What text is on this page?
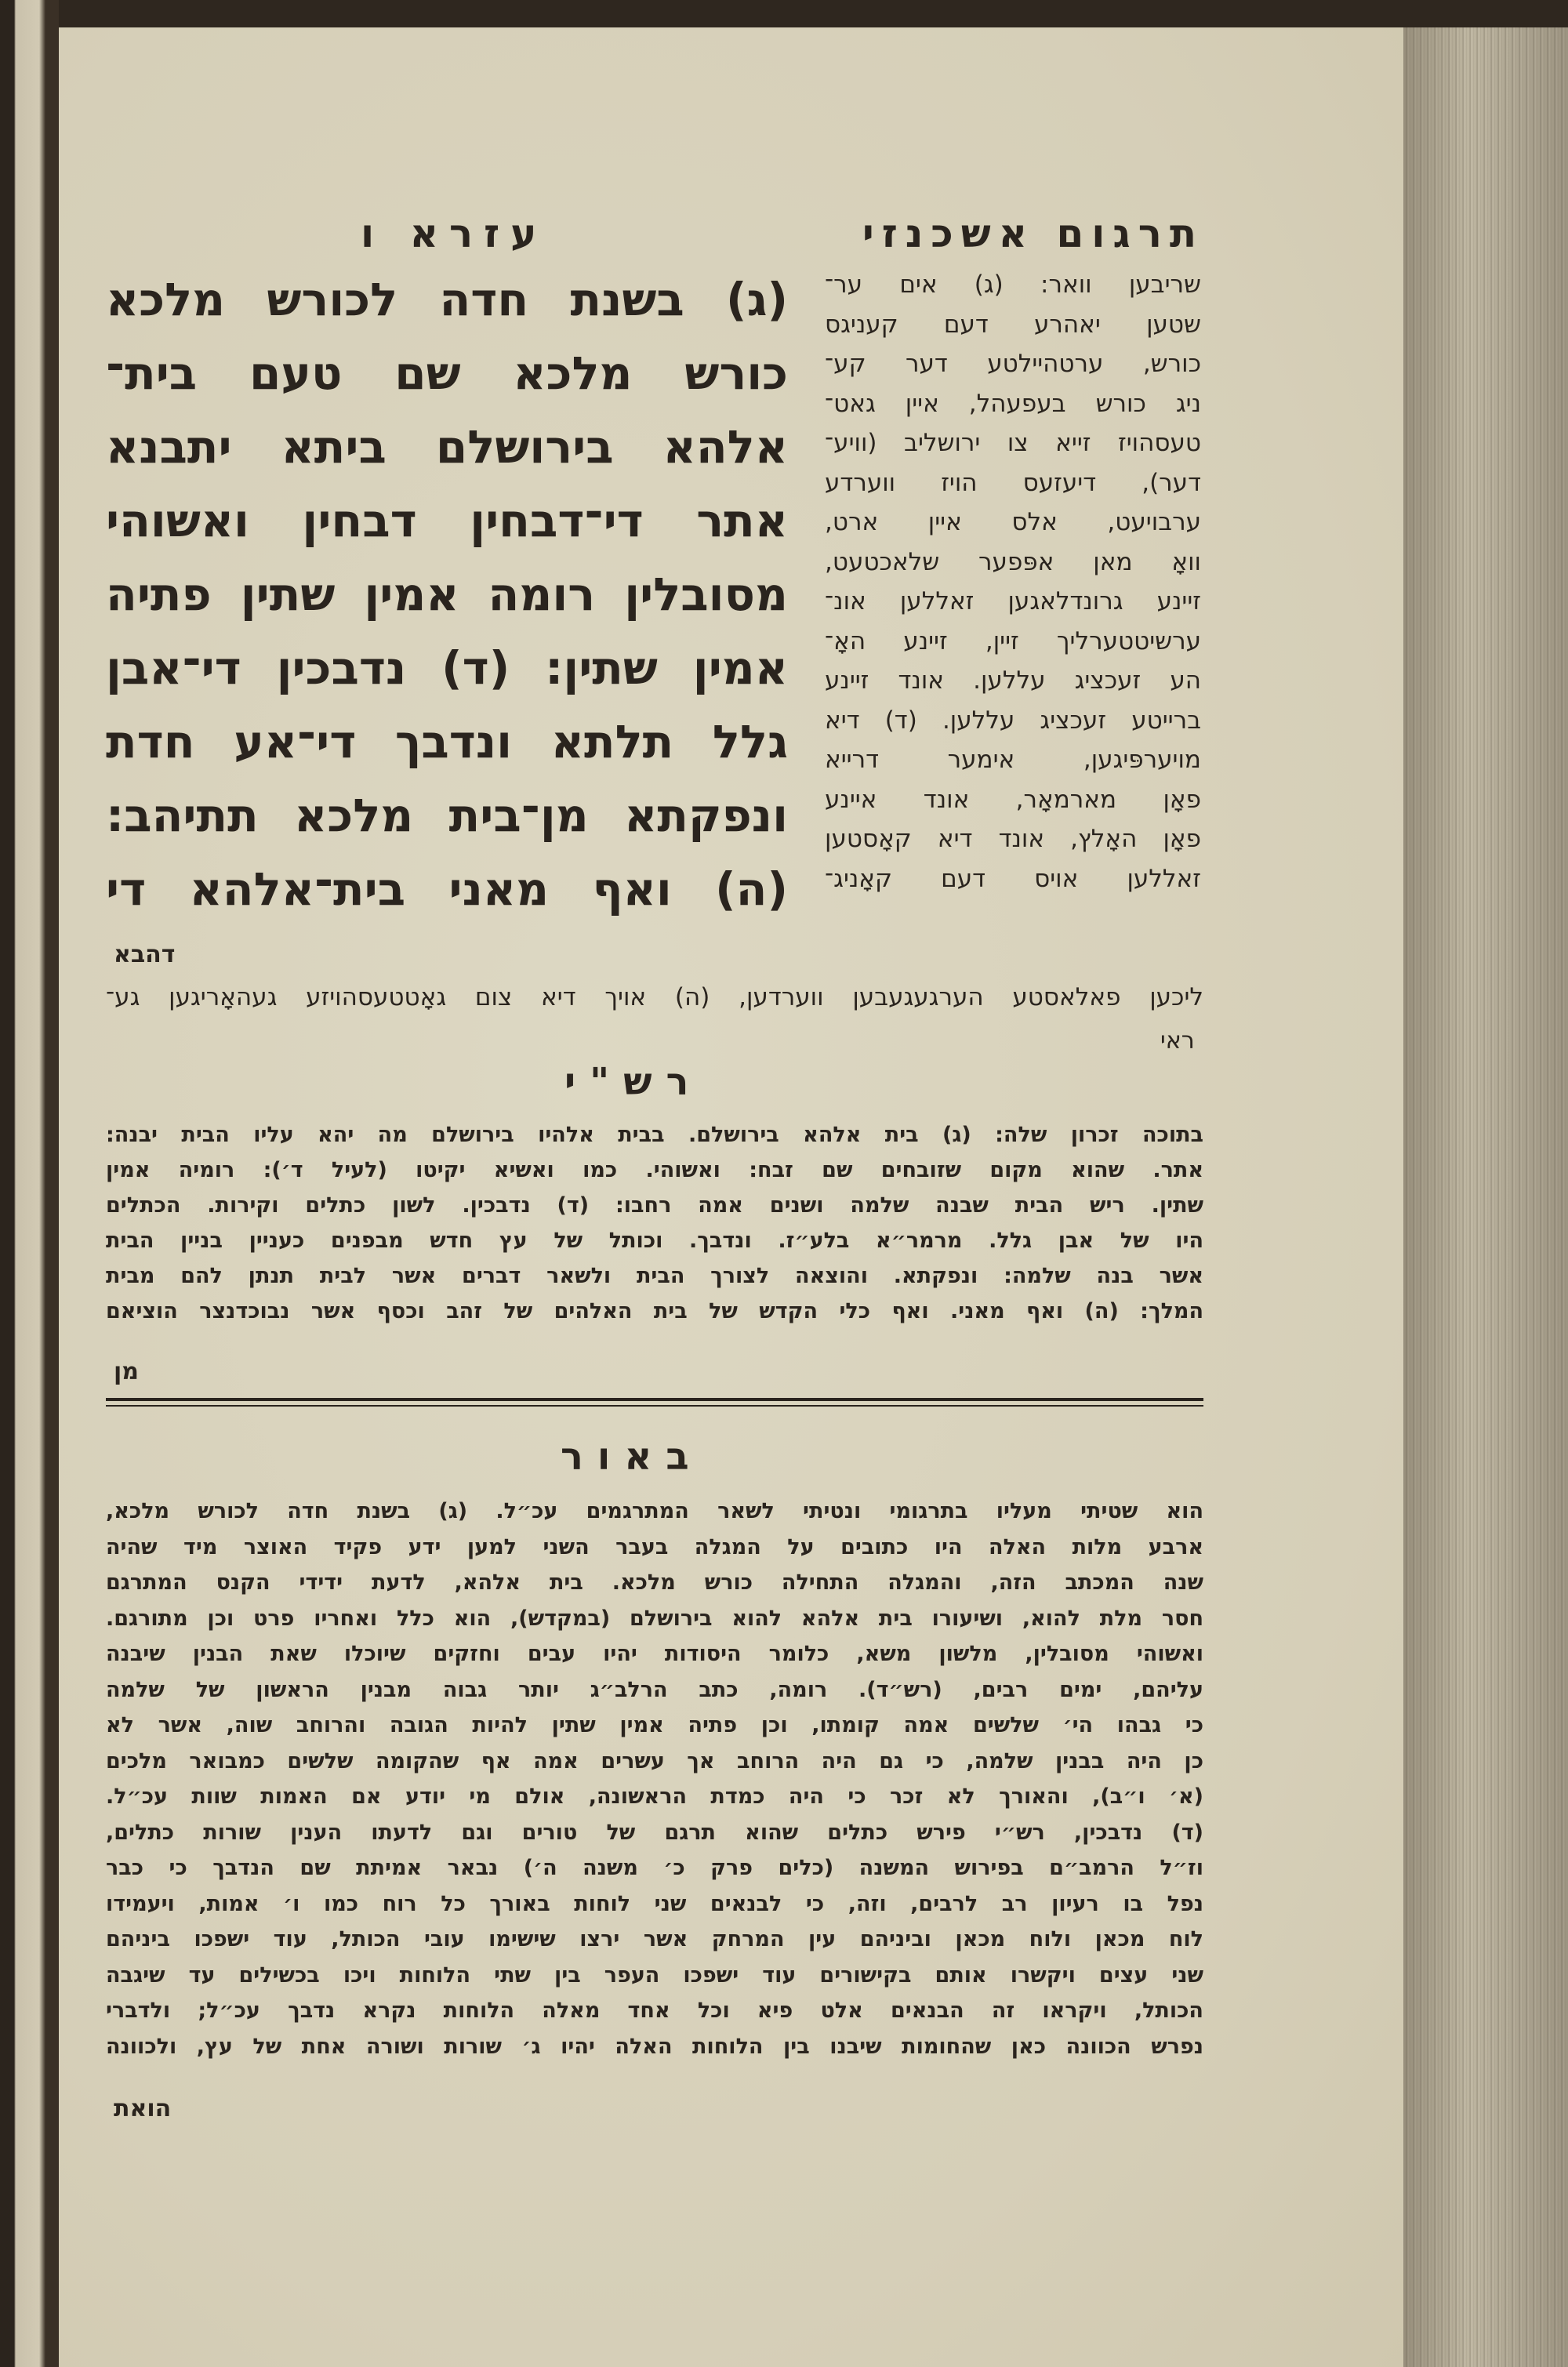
עזרא ו	תרגום אשכנזי
(ג) בשנת חדה לכורש מלכא
כורש מלכא שם טעם בית־
אלהא בירושלם ביתא יתבנא
אתר די־דבחין דבחין ואשוהי
מסובלין רומה אמין שתין פתיה
אמין שתין: (ד) נדבכין די־אבן
גלל תלתא ונדבך די־אע חדת
ונפקתא מן־בית מלכא תתיהב:
(ה) ואף מאני בית־אלהא די
דהבא
שריבען וואר: (ג) אים ער־
שטען יאהרע דעם קעניגס
כורש, ערטהיילטע דער קע־
ניג כורש בעפעהל, איין גאט־
טעסהויז זייא צו ירושליב (וויע־
דער), דיעזעס הויז ווערדע
ערבויעט, אלס איין ארט,
וואָ מאן אפּפער שלאכטעט,
זיינע גרונדלאגען זאללען אונ־
ערשיטטערליך זיין, זיינע האָ־
הע זעכציג עללען. אונד זיינע
ברייטע זעכציג עללען. (ד) דיא
מויערפּיגען, אימער דרייא
פאָן מארמאָר, אונד איינע
פאָן האָלץ, אונד דיא קאָסטען
זאללען אויס דעם קאָניג־
ליכען פאלאסטע הערגעגעבען ווערדען, (ה) אויך דיא צום גאָטטעסהויזע געהאָריגען גע־
ראי
רש"י
בתוכה זכרון שלה: (ג) בית אלהא בירושלם. בבית אלהיו בירושלם מה יהא עליו הבית יבנה:
אתר. שהוא מקום שזובחים שם זבח: ואשוהי. כמו ואשיא יקיטו (לעיל ד׳): רומיה אמין
שתין. ריש הבית שבנה שלמה ושנים אמה רחבו: (ד) נדבכין. לשון כתלים וקירות. הכתלים
היו של אבן גלל. מרמר״א בלע״ז. ונדבך. וכותל של עץ חדש מבפנים כעניין בניין הבית
אשר בנה שלמה: ונפקתא. והוצאה לצורך הבית ולשאר דברים אשר לבית תנתן להם מבית
המלך: (ה) ואף מאני. ואף כלי הקדש של בית האלהים של זהב וכסף אשר נבוכדנצר הוציאם
מן
באור
הוא שטיתי מעליו בתרגומי ונטיתי לשאר המתרגמים עכ״ל. (ג) בשנת חדה לכורש מלכא,
ארבע מלות האלה היו כתובים על המגלה בעבר השני למען ידע פקיד האוצר מיד שהיה
שנה המכתב הזה, והמגלה התחילה כורש מלכא. בית אלהא, לדעת ידידי הקנס המתרגם
חסר מלת להוא, ושיעורו בית אלהא להוא בירושלם (במקדש), הוא כלל ואחריו פרט וכן מתורגם.
ואשוהי מסובלין, מלשון משא, כלומר היסודות יהיו עבים וחזקים שיוכלו שאת הבנין שיבנה
עליהם, ימים רבים, (רש״ד). רומה, כתב הרלב״ג יותר גבוה מבנין הראשון של שלמה
כי גבהו הי׳ שלשים אמה קומתו, וכן פתיה אמין שתין להיות הגובה והרוחב שוה, אשר לא
כן היה בבנין שלמה, כי גם היה הרוחב אך עשרים אמה אף שהקומה שלשים כמבואר מלכים
(א׳ ו״ב), והאורך לא זכר כי היה כמדת הראשונה, אולם מי יודע אם האמות שוות עכ״ל.
(ד) נדבכין, רש״י פירש כתלים שהוא תרגם של טורים וגם לדעתו הענין שורות כתלים,
וז״ל הרמב״ם בפירוש המשנה (כלים פרק כ׳ משנה ה׳) נבאר אמיתת שם הנדבך כי כבר
נפל בו רעיון רב לרבים, וזה, כי לבנאים שני לוחות באורך כל רוח כמו ו׳ אמות, ויעמידו
לוח מכאן ולוח מכאן וביניהם עין המרחק אשר ירצו שישימו עובי הכותל, עוד ישפכו ביניהם
שני עצים ויקשרו אותם בקישורים עוד ישפכו העפר בין שתי הלוחות ויכו בכשילים עד שיגבה
הכותל, ויקראו זה הבנאים אלט פיא וכל אחד מאלה הלוחות נקרא נדבך עכ״ל; ולדברי
נפרש הכוונה כאן שהחומות שיבנו בין הלוחות האלה יהיו ג׳ שורות ושורה אחת של עץ, ולכוונה
הואת
